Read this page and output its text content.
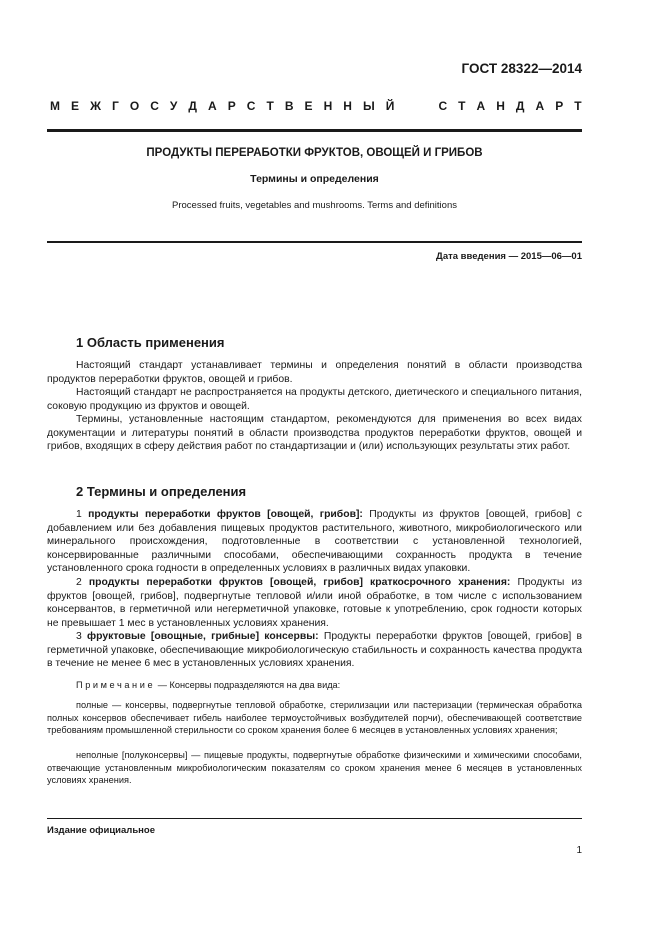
ГОСТ 28322—2014
М Е Ж Г О С У Д А Р С Т В Е Н Н Ы Й	С Т А Н Д А Р Т
ПРОДУКТЫ ПЕРЕРАБОТКИ ФРУКТОВ, ОВОЩЕЙ И ГРИБОВ
Термины и определения
Processed fruits, vegetables and mushrooms. Terms and definitions
Дата введения — 2015—06—01
1 Область применения

Настоящий стандарт устанавливает термины и определения понятий в области производства продуктов переработки фруктов, овощей и грибов.

Настоящий стандарт не распространяется на продукты детского, диетического и специального питания, соковую продукцию из фруктов и овощей.

Термины, установленные настоящим стандартом, рекомендуются для применения во всех видах документации и литературы понятий в области производства продуктов переработки фруктов, овощей и грибов, входящих в сферу действия работ по стандартизации и (или) использующих результаты этих работ.

2 Термины и определения

1 продукты переработки фруктов [овощей, грибов]: Продукты из фруктов [овощей, грибов] с добавлением или без добавления пищевых продуктов растительного, животного, микробиологического или минерального происхождения, подготовленные в соответствии с установленной технологией, консервированные различными способами, обеспечивающими сохранность продукта в течение установленного срока годности в определенных условиях в различных видах упаковки.

2 продукты переработки фруктов [овощей, грибов] краткосрочного хранения: Продукты из фруктов [овощей, грибов], подвергнутые тепловой и/или иной обработке, в том числе с использованием консервантов, в герметичной или негерметичной упаковке, готовые к употреблению, срок годности которых не превышает 1 мес в установленных условиях хранения.

3 фруктовые [овощные, грибные] консервы: Продукты переработки фруктов [овощей, грибов] в герметичной упаковке, обеспечивающие микробиологическую стабильность и сохранность качества продукта в течение не менее 6 мес в установленных условиях хранения.

Примечание — Консервы подразделяются на два вида:

полные — консервы, подвергнутые тепловой обработке, стерилизации или пастеризации (термическая обработка полных консервов обеспечивает гибель наиболее термоустойчивых возбудителей порчи), обеспечивающей соответствие требованиям промышленной стерильности со сроком хранения более 6 месяцев в установленных условиях хранения;

неполные [полуконсервы] — пищевые продукты, подвергнутые обработке физическими и химическими способами, отвечающие установленным микробиологическим показателям со сроком хранения менее 6 месяцев в установленных условиях хранения.

Издание официальное
1
